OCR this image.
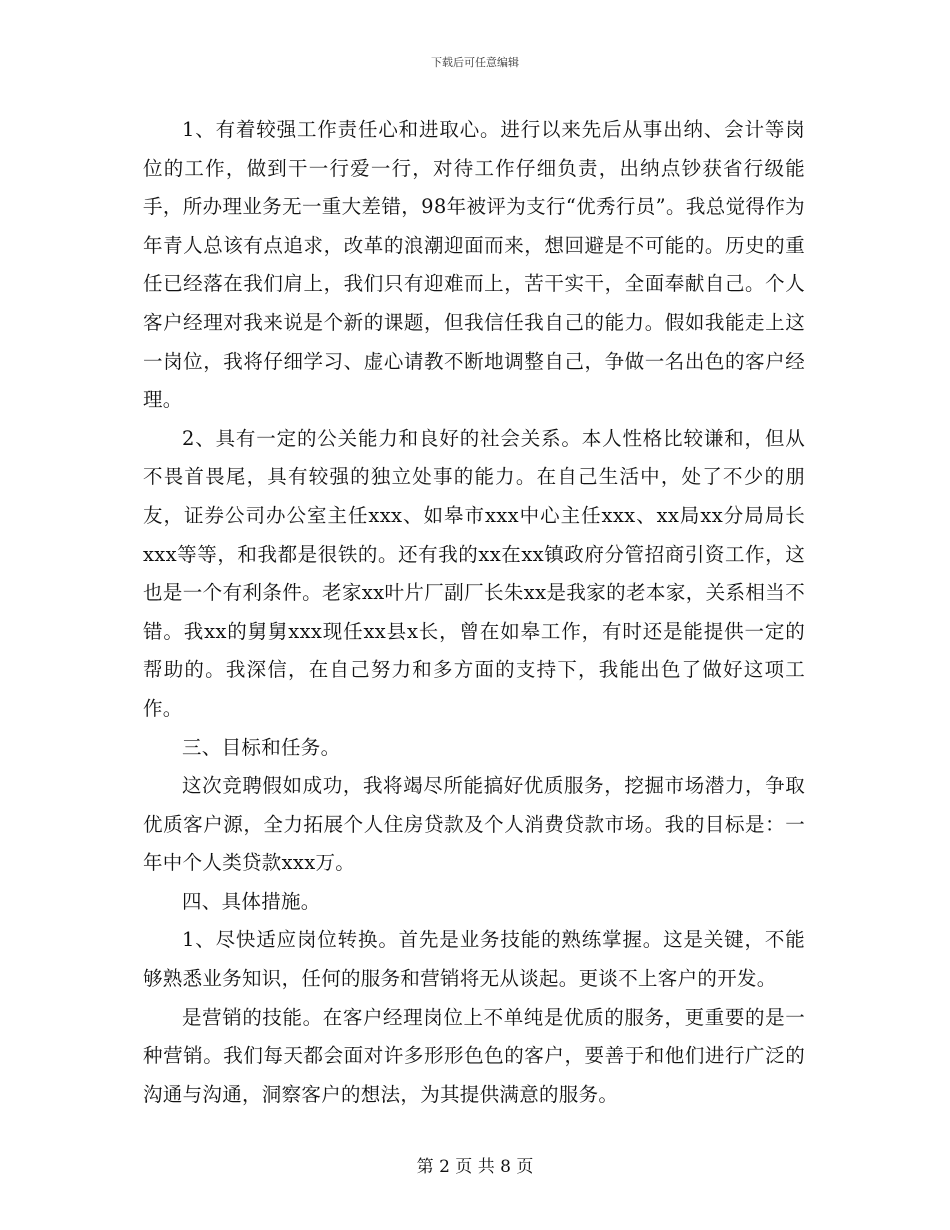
下载后可任意编辑

1、有着较强工作责任心和进取心。进行以来先后从事出纳、会计等岗位的工作，做到干一行爱一行，对待工作仔细负责，出纳点钞获省行级能手，所办理业务无一重大差错，98年被评为支行“优秀行员”。我总觉得作为年青人总该有点追求，改革的浪潮迎面而来，想回避是不可能的。历史的重任已经落在我们肩上，我们只有迎难而上，苦干实干，全面奉献自己。个人客户经理对我来说是个新的课题，但我信任我自己的能力。假如我能走上这一岗位，我将仔细学习、虚心请教不断地调整自己，争做一名出色的客户经理。

2、具有一定的公关能力和良好的社会关系。本人性格比较谦和，但从不畏首畏尾，具有较强的独立处事的能力。在自己生活中，处了不少的朋友，证券公司办公室主任xxx、如皋市xxx中心主任xxx、xx局xx分局局长xxx等等，和我都是很铁的。还有我的xx在xx镇政府分管招商引资工作，这也是一个有利条件。老家xx叶片厂副厂长朱xx是我家的老本家，关系相当不错。我xx的舅舅xxx现任xx县x长，曾在如皋工作，有时还是能提供一定的帮助的。我深信，在自己努力和多方面的支持下，我能出色了做好这项工作。

三、目标和任务。

这次竞聘假如成功，我将竭尽所能搞好优质服务，挖掘市场潜力，争取优质客户源，全力拓展个人住房贷款及个人消费贷款市场。我的目标是：一年中个人类贷款xxx万。

四、具体措施。

1、尽快适应岗位转换。首先是业务技能的熟练掌握。这是关键，不能够熟悉业务知识，任何的服务和营销将无从谈起。更谈不上客户的开发。

是营销的技能。在客户经理岗位上不单纯是优质的服务，更重要的是一种营销。我们每天都会面对许多形形色色的客户，要善于和他们进行广泛的沟通与沟通，洞察客户的想法，为其提供满意的服务。

第 2 页 共 8 页
